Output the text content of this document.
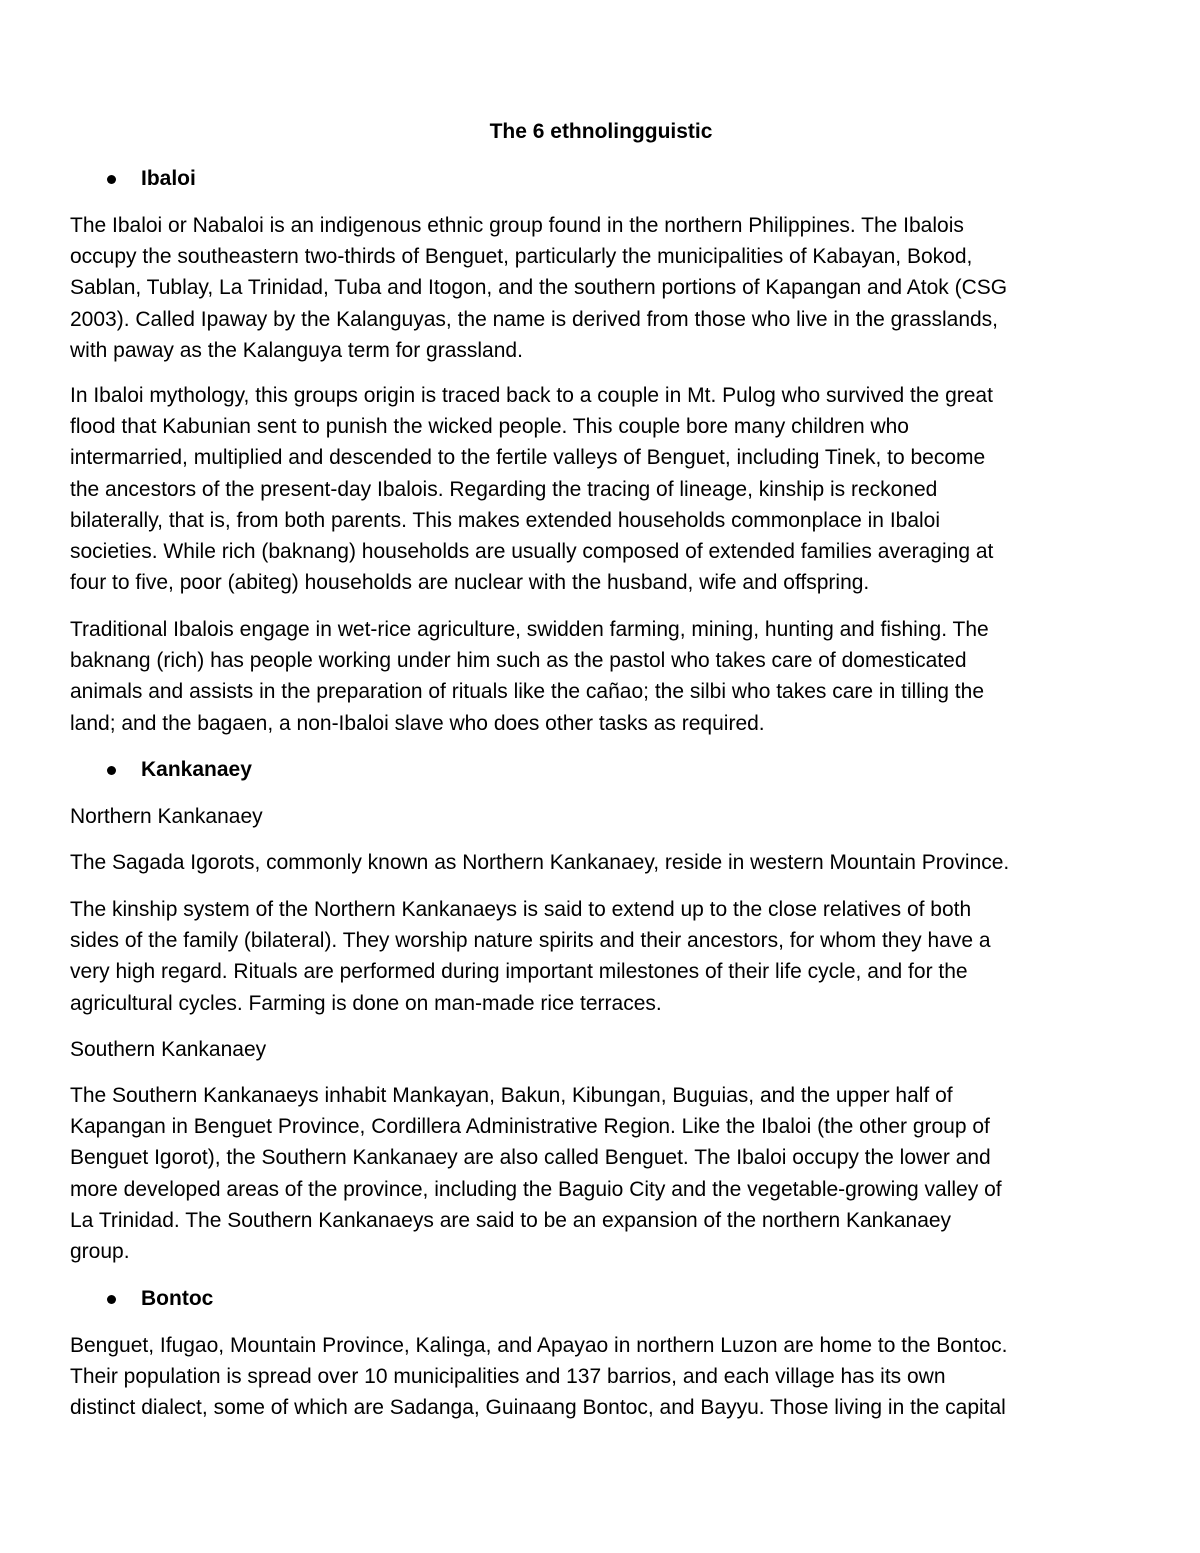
The 6 ethnolingguistic
Ibaloi

The Ibaloi or Nabaloi is an indigenous ethnic group found in the northern Philippines. The Ibalois
occupy the southeastern two-thirds of Benguet, particularly the municipalities of Kabayan, Bokod,
Sablan, Tublay, La Trinidad, Tuba and Itogon, and the southern portions of Kapangan and Atok (CSG
2003). Called Ipaway by the Kalanguyas, the name is derived from those who live in the grasslands,
with paway as the Kalanguya term for grassland.

In Ibaloi mythology, this groups origin is traced back to a couple in Mt. Pulog who survived the great
flood that Kabunian sent to punish the wicked people. This couple bore many children who
intermarried, multiplied and descended to the fertile valleys of Benguet, including Tinek, to become
the ancestors of the present-day Ibalois. Regarding the tracing of lineage, kinship is reckoned
bilaterally, that is, from both parents. This makes extended households commonplace in Ibaloi
societies. While rich (baknang) households are usually composed of extended families averaging at
four to five, poor (abiteg) households are nuclear with the husband, wife and offspring.

Traditional Ibalois engage in wet-rice agriculture, swidden farming, mining, hunting and fishing. The
baknang (rich) has people working under him such as the pastol who takes care of domesticated
animals and assists in the preparation of rituals like the cañao; the silbi who takes care in tilling the
land; and the bagaen, a non-Ibaloi slave who does other tasks as required.

Kankanaey

Northern Kankanaey

The Sagada Igorots, commonly known as Northern Kankanaey, reside in western Mountain Province.

The kinship system of the Northern Kankanaeys is said to extend up to the close relatives of both
sides of the family (bilateral). They worship nature spirits and their ancestors, for whom they have a
very high regard. Rituals are performed during important milestones of their life cycle, and for the
agricultural cycles. Farming is done on man-made rice terraces.

Southern Kankanaey

The Southern Kankanaeys inhabit Mankayan, Bakun, Kibungan, Buguias, and the upper half of
Kapangan in Benguet Province, Cordillera Administrative Region. Like the Ibaloi (the other group of
Benguet Igorot), the Southern Kankanaey are also called Benguet. The Ibaloi occupy the lower and
more developed areas of the province, including the Baguio City and the vegetable-growing valley of
La Trinidad. The Southern Kankanaeys are said to be an expansion of the northern Kankanaey
group.

Bontoc

Benguet, Ifugao, Mountain Province, Kalinga, and Apayao in northern Luzon are home to the Bontoc.
Their population is spread over 10 municipalities and 137 barrios, and each village has its own
distinct dialect, some of which are Sadanga, Guinaang Bontoc, and Bayyu. Those living in the capital
